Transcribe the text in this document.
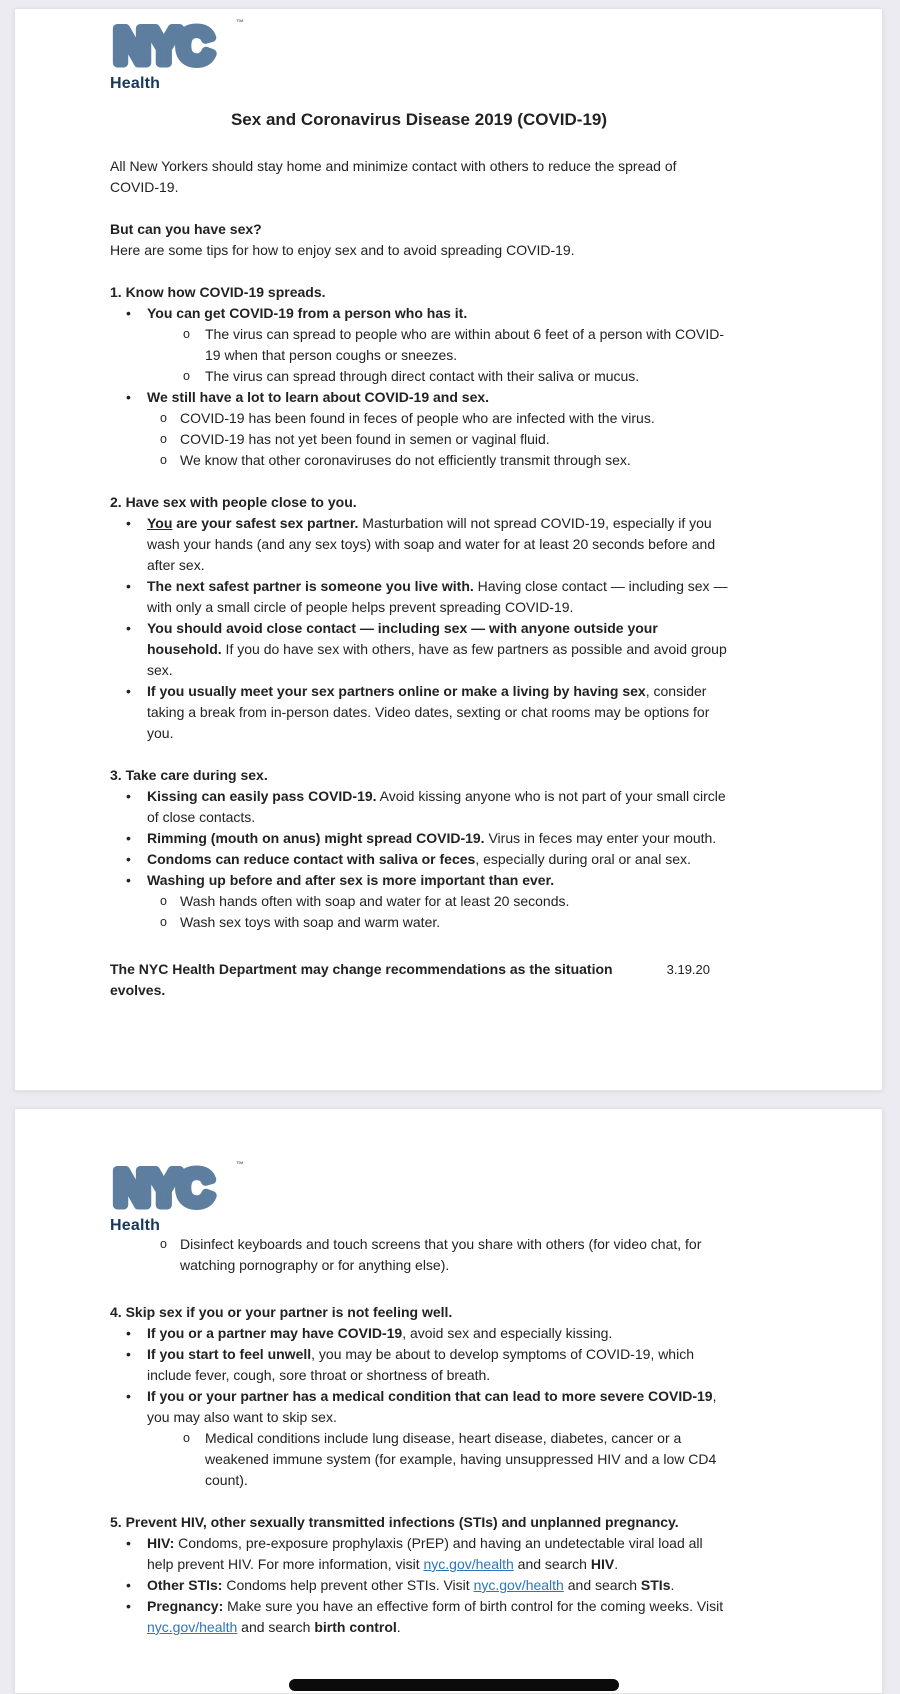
NYC	™
Health
Sex and Coronavirus Disease 2019 (COVID-19)

All New Yorkers should stay home and minimize contact with others to reduce the spread of COVID-19.

But can you have sex?

Here are some tips for how to enjoy sex and to avoid spreading COVID-19.

1. Know how COVID-19 spreads.

• You can get COVID-19 from a person who has it.
o The virus can spread to people who are within about 6 feet of a person with COVID-19 when that person coughs or sneezes.
o The virus can spread through direct contact with their saliva or mucus.
• We still have a lot to learn about COVID-19 and sex.
o COVID-19 has been found in feces of people who are infected with the virus.
o COVID-19 has not yet been found in semen or vaginal fluid.
o We know that other coronaviruses do not efficiently transmit through sex.

2. Have sex with people close to you.

• You are your safest sex partner. Masturbation will not spread COVID-19, especially if you wash your hands (and any sex toys) with soap and water for at least 20 seconds before and after sex.
• The next safest partner is someone you live with. Having close contact — including sex — with only a small circle of people helps prevent spreading COVID-19.
• You should avoid close contact — including sex — with anyone outside your household. If you do have sex with others, have as few partners as possible and avoid group sex.
• If you usually meet your sex partners online or make a living by having sex, consider taking a break from in-person dates. Video dates, sexting or chat rooms may be options for you.

3. Take care during sex.

• Kissing can easily pass COVID-19. Avoid kissing anyone who is not part of your small circle of close contacts.
• Rimming (mouth on anus) might spread COVID-19. Virus in feces may enter your mouth.
• Condoms can reduce contact with saliva or feces, especially during oral or anal sex.
• Washing up before and after sex is more important than ever.
o Wash hands often with soap and water for at least 20 seconds.
o Wash sex toys with soap and warm water.
The NYC Health Department may change recommendations as the situation evolves.
3.19.20
NYC	™
Health
o Disinfect keyboards and touch screens that you share with others (for video chat, for watching pornography or for anything else).

4. Skip sex if you or your partner is not feeling well.

• If you or a partner may have COVID-19, avoid sex and especially kissing.
• If you start to feel unwell, you may be about to develop symptoms of COVID-19, which include fever, cough, sore throat or shortness of breath.
• If you or your partner has a medical condition that can lead to more severe COVID-19, you may also want to skip sex.
o Medical conditions include lung disease, heart disease, diabetes, cancer or a weakened immune system (for example, having unsuppressed HIV and a low CD4 count).

5. Prevent HIV, other sexually transmitted infections (STIs) and unplanned pregnancy.

• HIV: Condoms, pre-exposure prophylaxis (PrEP) and having an undetectable viral load all help prevent HIV. For more information, visit nyc.gov/health and search HIV.
• Other STIs: Condoms help prevent other STIs. Visit nyc.gov/health and search STIs.
• Pregnancy: Make sure you have an effective form of birth control for the coming weeks. Visit nyc.gov/health and search birth control.
